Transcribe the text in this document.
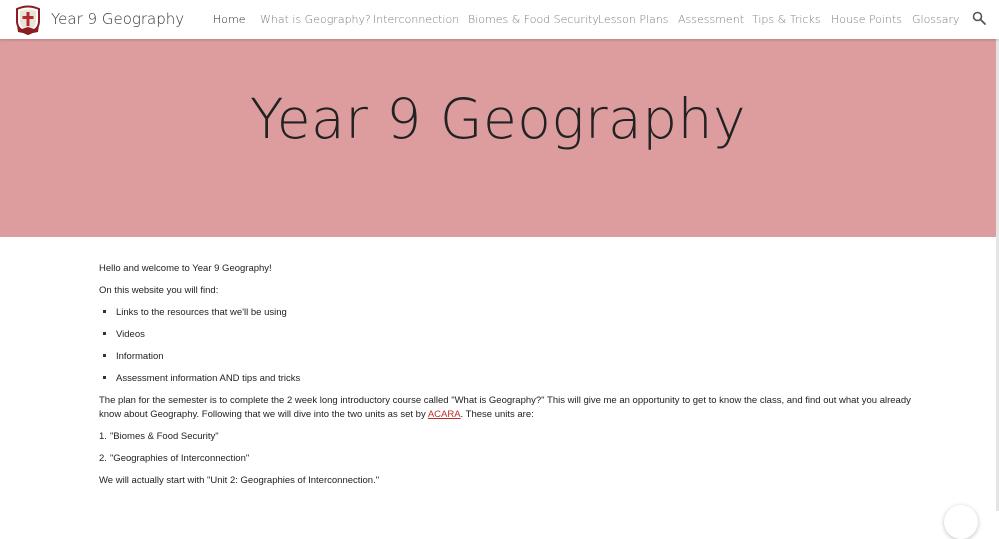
Year 9 Geography	Home What is Geography? Interconnection Biomes & Food Security Lesson Plans Assessment Tips & Tricks House Points Glossary
Year 9 Geography

Hello and welcome to Year 9 Geography!

On this website you will find:

Links to the resources that we'll be using
Videos
Information
Assessment information AND tips and tricks

The plan for the semester is to complete the 2 week long introductory course called "What is Geography?" This will give me an opportunity to get to know the class, and find out what you already know about Geography. Following that we will dive into the two units as set by ACARA. These units are:

1. "Biomes & Food Security"
2. "Geographies of Interconnection"

We will actually start with "Unit 2: Geographies of Interconnection."
